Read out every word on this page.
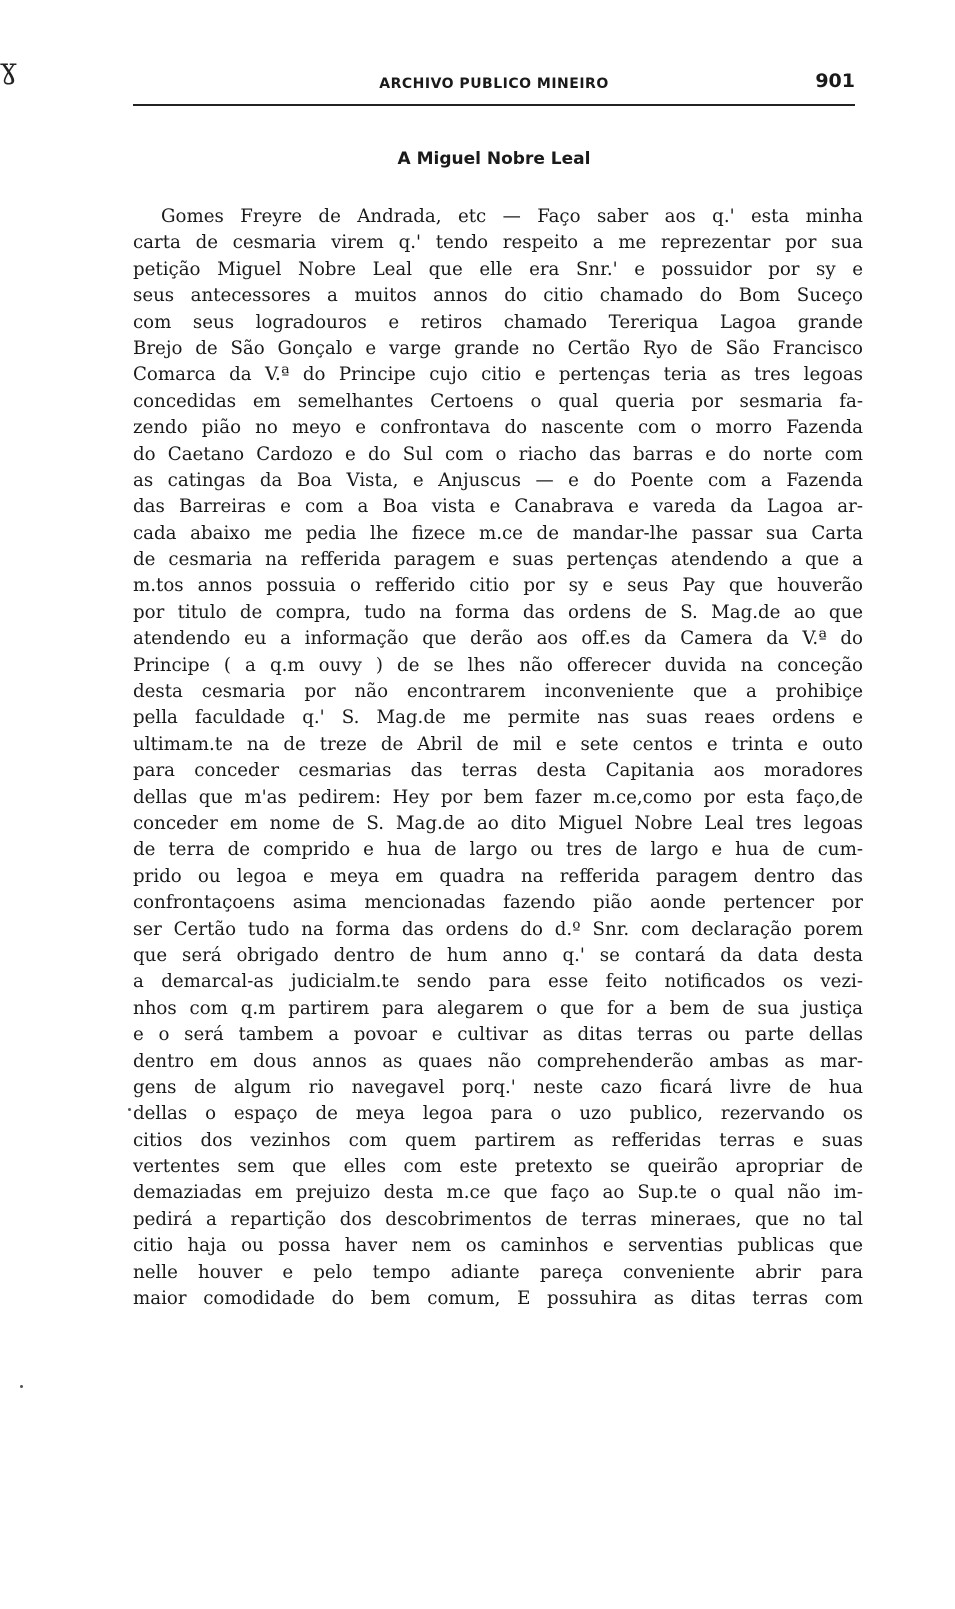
ɣ	ARCHIVO PUBLICO MINEIRO	901
A Miguel Nobre Leal
Gomes Freyre de Andrada, etc — Faço saber aos q.' esta minha
carta de cesmaria virem q.' tendo respeito a me reprezentar por sua
petição Miguel Nobre Leal que elle era Snr.' e possuidor por sy e
seus antecessores a muitos annos do citio chamado do Bom Suceço
com seus logradouros e retiros chamado Tereriqua Lagoa grande
Brejo de São Gonçalo e varge grande no Certão Ryo de São Francisco
Comarca da V.ª do Principe cujo citio e pertenças teria as tres legoas
concedidas em semelhantes Certoens o qual queria por sesmaria fa-
zendo pião no meyo e confrontava do nascente com o morro Fazenda
do Caetano Cardozo e do Sul com o riacho das barras e do norte com
as catingas da Boa Vista, e Anjuscus — e do Poente com a Fazenda
das Barreiras e com a Boa vista e Canabrava e vareda da Lagoa ar-
cada abaixo me pedia lhe fizece m.ce de mandar-lhe passar sua Carta
de cesmaria na refferida paragem e suas pertenças atendendo a que a
m.tos annos possuia o refferido citio por sy e seus Pay que houverão
por titulo de compra, tudo na forma das ordens de S. Mag.de ao que
atendendo eu a informação que derão aos off.es da Camera da V.ª do
Principe ( a q.m ouvy ) de se lhes não offerecer duvida na conceção
desta cesmaria por não encontrarem inconveniente que a prohibiçe
pella faculdade q.' S. Mag.de me permite nas suas reaes ordens e
ultimam.te na de treze de Abril de mil e sete centos e trinta e outo
para conceder cesmarias das terras desta Capitania aos moradores
dellas que m'as pedirem: Hey por bem fazer m.ce,como por esta faço,de
conceder em nome de S. Mag.de ao dito Miguel Nobre Leal tres legoas
de terra de comprido e hua de largo ou tres de largo e hua de cum-
prido ou legoa e meya em quadra na refferida paragem dentro das
confrontaçoens asima mencionadas fazendo pião aonde pertencer por
ser Certão tudo na forma das ordens do d.º Snr. com declaração porem
que será obrigado dentro de hum anno q.' se contará da data desta
a demarcal-as judicialm.te sendo para esse feito notificados os vezi-
nhos com q.m partirem para alegarem o que for a bem de sua justiça
e o será tambem a povoar e cultivar as ditas terras ou parte dellas
dentro em dous annos as quaes não comprehenderão ambas as mar-
gens de algum rio navegavel porq.' neste cazo ficará livre de hua
dellas o espaço de meya legoa para o uzo publico, rezervando os
citios dos vezinhos com quem partirem as refferidas terras e suas
vertentes sem que elles com este pretexto se queirão apropriar de
demaziadas em prejuizo desta m.ce que faço ao Sup.te o qual não im-
pedirá a repartição dos descobrimentos de terras mineraes, que no tal
citio haja ou possa haver nem os caminhos e serventias publicas que
nelle houver e pelo tempo adiante pareça conveniente abrir para
maior comodidade do bem comum, E possuhira as ditas terras com
